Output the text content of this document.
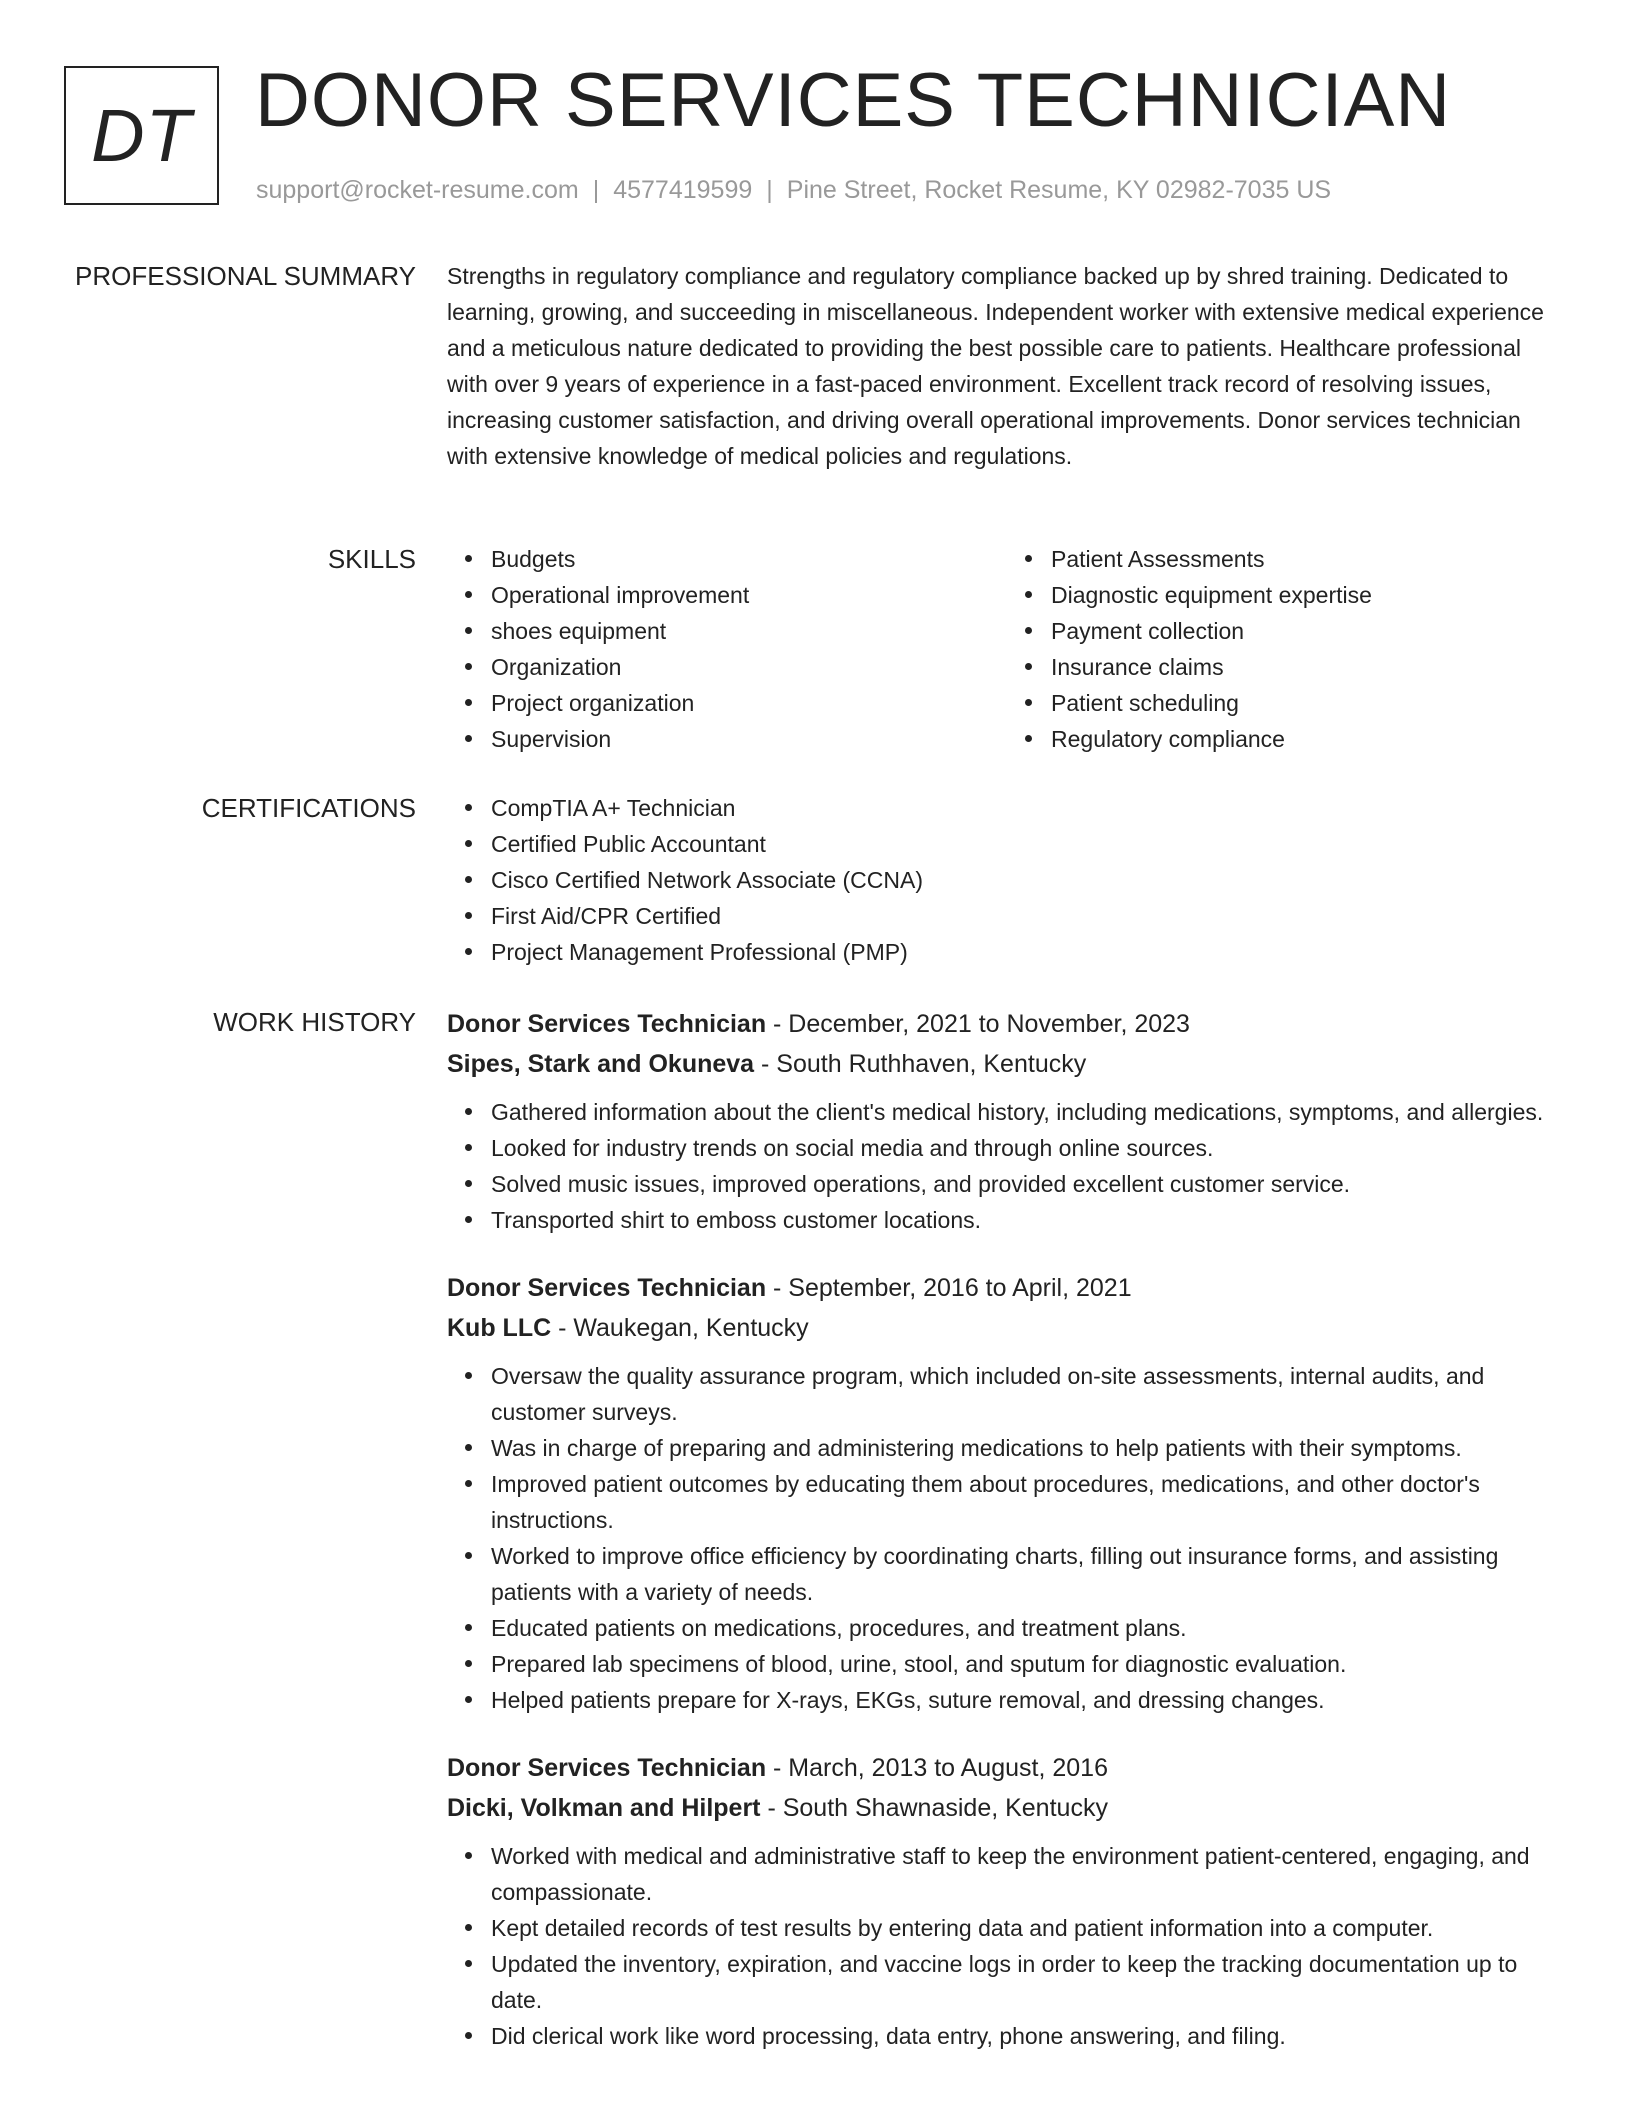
DT DONOR SERVICES TECHNICIAN
support@rocket-resume.com | 4577419599 | Pine Street, Rocket Resume, KY 02982-7035 US
PROFESSIONAL SUMMARY Strengths in regulatory compliance and regulatory compliance backed up by shred training. Dedicated to learning, growing, and succeeding in miscellaneous. Independent worker with extensive medical experience and a meticulous nature dedicated to providing the best possible care to patients. Healthcare professional with over 9 years of experience in a fast-paced environment. Excellent track record of resolving issues, increasing customer satisfaction, and driving overall operational improvements. Donor services technician with extensive knowledge of medical policies and regulations.
SKILLS	Budgets
Operational improvement
shoes equipment
Organization
Project organization
Supervision
Patient Assessments
Diagnostic equipment expertise
Payment collection
Insurance claims
Patient scheduling
Regulatory compliance
CERTIFICATIONS	CompTIA A+ Technician
Certified Public Accountant
Cisco Certified Network Associate (CCNA)
First Aid/CPR Certified
Project Management Professional (PMP)
WORK HISTORY Donor Services Technician - December, 2021 to November, 2023
Sipes, Stark and Okuneva - South Ruthhaven, Kentucky
Gathered information about the client's medical history, including medications, symptoms, and allergies.
Looked for industry trends on social media and through online sources.
Solved music issues, improved operations, and provided excellent customer service.
Transported shirt to emboss customer locations.
Donor Services Technician - September, 2016 to April, 2021
Kub LLC - Waukegan, Kentucky
Oversaw the quality assurance program, which included on-site assessments, internal audits, and customer surveys.
Was in charge of preparing and administering medications to help patients with their symptoms.
Improved patient outcomes by educating them about procedures, medications, and other doctor's instructions.
Worked to improve office efficiency by coordinating charts, filling out insurance forms, and assisting patients with a variety of needs.
Educated patients on medications, procedures, and treatment plans.
Prepared lab specimens of blood, urine, stool, and sputum for diagnostic evaluation.
Helped patients prepare for X-rays, EKGs, suture removal, and dressing changes.
Donor Services Technician - March, 2013 to August, 2016
Dicki, Volkman and Hilpert - South Shawnaside, Kentucky
Worked with medical and administrative staff to keep the environment patient-centered, engaging, and compassionate.
Kept detailed records of test results by entering data and patient information into a computer.
Updated the inventory, expiration, and vaccine logs in order to keep the tracking documentation up to date.
Did clerical work like word processing, data entry, phone answering, and filing.
